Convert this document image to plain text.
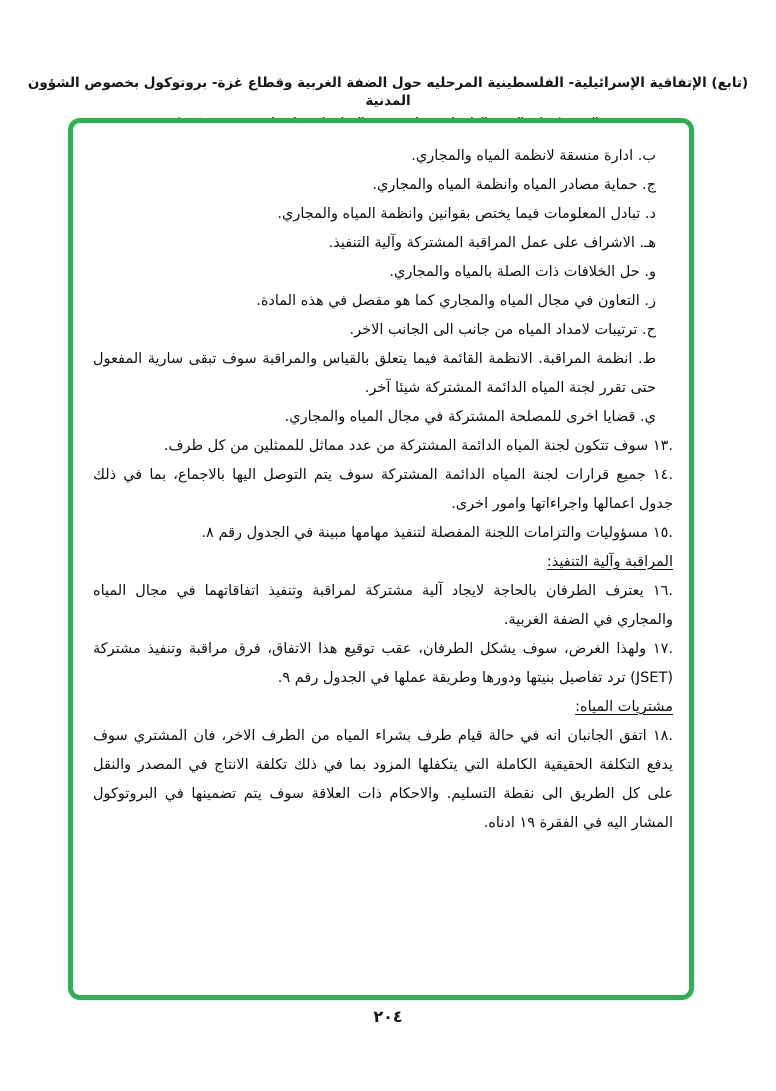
(تابع) الإتفاقية الإسرائيلية- الفلسطينية المرحليه حول الضفة الغربية وقطاع غزة- بروتوكول بخصوص الشؤون المدنية

ب. ادارة منسقة لانظمة المياه والمجاري.

ج. حماية مصادر المياه وانظمة المياه والمجاري.

د. تبادل المعلومات فيما يختص بقوانين وانظمة المياه والمجاري.

هـ. الاشراف على عمل المراقبة المشتركة وآلية التنفيذ.

و. حل الخلافات ذات الصلة بالمياه والمجاري.

ز. التعاون في مجال المياه والمجاري كما هو مفصل في هذه المادة.

ح. ترتيبات لامداد المياه من جانب الى الجانب الاخر.

ط. انظمة المراقبة. الانظمة القائمة فيما يتعلق بالقياس والمراقبة سوف تبقى سارية المفعول حتى تقرر لجنة المياه الدائمة المشتركة شيئا آخر.

ي. قضايا اخرى للمصلحة المشتركة في مجال المياه والمجاري.

١٣. سوف تتكون لجنة المياه الدائمة المشتركة من عدد مماثل للممثلين من كل طرف.

١٤. جميع قرارات لجنة المياه الدائمة المشتركة سوف يتم التوصل اليها بالاجماع، بما في ذلك جدول اعمالها واجراءاتها وامور اخرى.

١٥. مسؤوليات والتزامات اللجنة المفصلة لتنفيذ مهامها مبينة في الجدول رقم ٨.

المراقبة وآلية التنفيذ:

١٦. يعترف الطرفان بالحاجة لايجاد آلية مشتركة لمراقبة وتنفيذ اتفاقاتهما في مجال المياه والمجاري في الضفة الغربية.

١٧. ولهذا الغرض، سوف يشكل الطرفان، عقب توقيع هذا الاتفاق، فرق مراقبة وتنفيذ مشتركة (JSET) ترد تفاصيل بنيتها ودورها وطريقة عملها في الجدول رقم ٩.

مشتريات المياه:

١٨. اتفق الجانبان انه في حالة قيام طرف بشراء المياه من الطرف الاخر، فان المشتري سوف يدفع التكلفة الحقيقية الكاملة التي يتكفلها المزود بما في ذلك تكلفة الانتاج في المصدر والنقل على كل الطريق الى نقطة التسليم. والاحكام ذات العلاقة سوف يتم تضمينها في البروتوكول المشار اليه في الفقرة ١٩ ادناه.

٢٠٤
